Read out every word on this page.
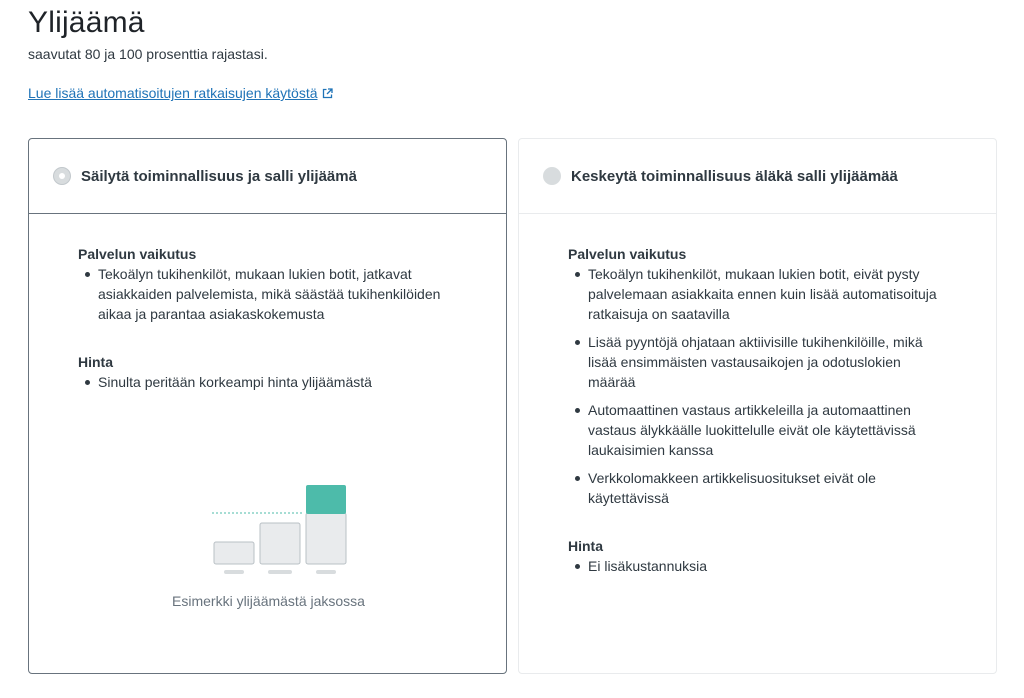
Ylijäämä
saavutat 80 ja 100 prosenttia rajastasi.
Lue lisää automatisoitujen ratkaisujen käytöstä
Säilytä toiminnallisuus ja salli ylijäämä
Palvelun vaikutus
Tekoälyn tukihenkilöt, mukaan lukien botit, jatkavat asiakkaiden palvelemista, mikä säästää tukihenkilöiden aikaa ja parantaa asiakaskokemusta
Hinta
Sinulta peritään korkeampi hinta ylijäämästä
Esimerkki ylijäämästä jaksossa
Keskeytä toiminnallisuus äläkä salli ylijäämää
Palvelun vaikutus
Tekoälyn tukihenkilöt, mukaan lukien botit, eivät pysty palvelemaan asiakkaita ennen kuin lisää automatisoituja ratkaisuja on saatavilla
Lisää pyyntöjä ohjataan aktiivisille tukihenkilöille, mikä lisää ensimmäisten vastausaikojen ja odotuslokien määrää
Automaattinen vastaus artikkeleilla ja automaattinen vastaus älykkäälle luokittelulle eivät ole käytettävissä laukaisimien kanssa
Verkkolomakkeen artikkelisuositukset eivät ole käytettävissä
Hinta
Ei lisäkustannuksia
